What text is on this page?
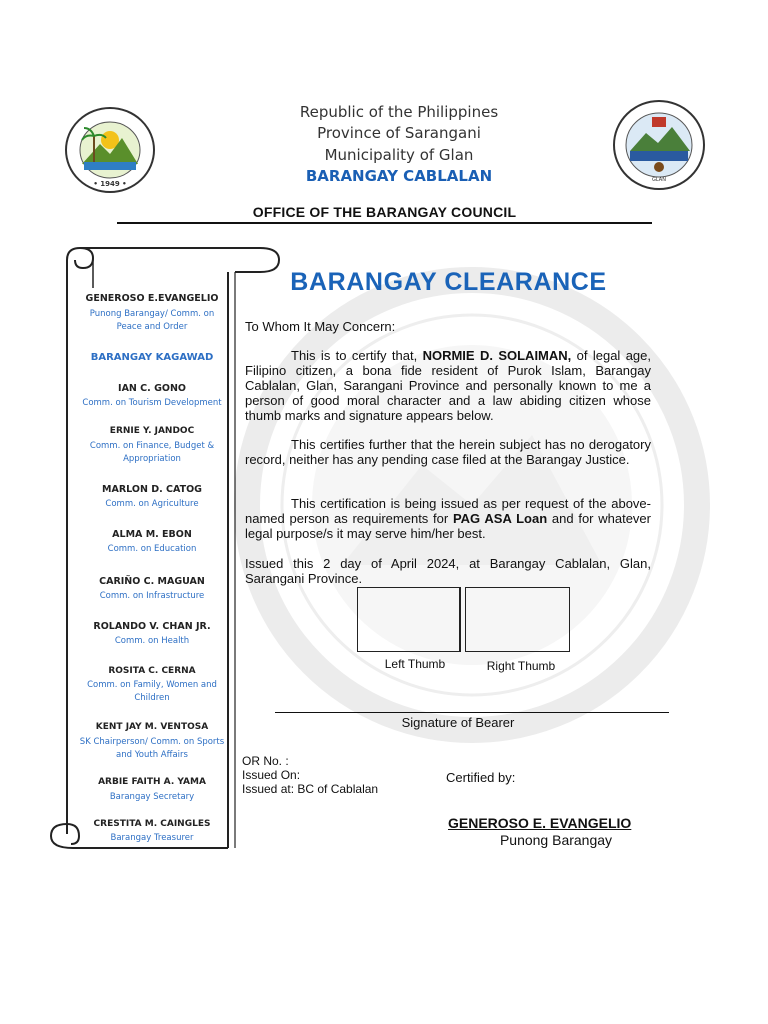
• 1949 •	GLAN
Republic of the Philippines
Province of Sarangani
Municipality of Glan
BARANGAY CABLALAN
OFFICE OF THE BARANGAY COUNCIL
GENEROSO E.EVANGELIO
Punong Barangay/ Comm. on
Peace and Order
BARANGAY KAGAWAD
IAN C. GONO
Comm. on Tourism Development
ERNIE Y. JANDOC
Comm. on Finance, Budget &
Appropriation
MARLON D. CATOG
Comm. on Agriculture
ALMA M. EBON
Comm. on Education
CARIÑO C. MAGUAN
Comm. on Infrastructure
ROLANDO V. CHAN JR.
Comm. on Health
ROSITA C. CERNA
Comm. on Family, Women and
Children
KENT JAY M. VENTOSA
SK Chairperson/ Comm. on Sports
and Youth Affairs
ARBIE FAITH A. YAMA
Barangay Secretary
CRESTITA M. CAINGLES
Barangay Treasurer
BARANGAY CLEARANCE
To Whom It May Concern:
This is to certify that, NORMIE D. SOLAIMAN, of legal age, Filipino citizen, a bona fide resident of Purok Islam, Barangay Cablalan, Glan, Sarangani Province and personally known to me a person of good moral character and a law abiding citizen whose thumb marks and signature appears below.
This certifies further that the herein subject has no derogatory record, neither has any pending case filed at the Barangay Justice.
This certification is being issued as per request of the above- named person as requirements for PAG ASA Loan and for whatever legal purpose/s it may serve him/her best.
Issued this 2 day of April 2024, at Barangay Cablalan, Glan, Sarangani Province.
Left Thumb	Right Thumb
Signature of Bearer
OR No. :
Issued On:
Issued at: BC of Cablalan
Certified by:
GENEROSO E. EVANGELIO
Punong Barangay
